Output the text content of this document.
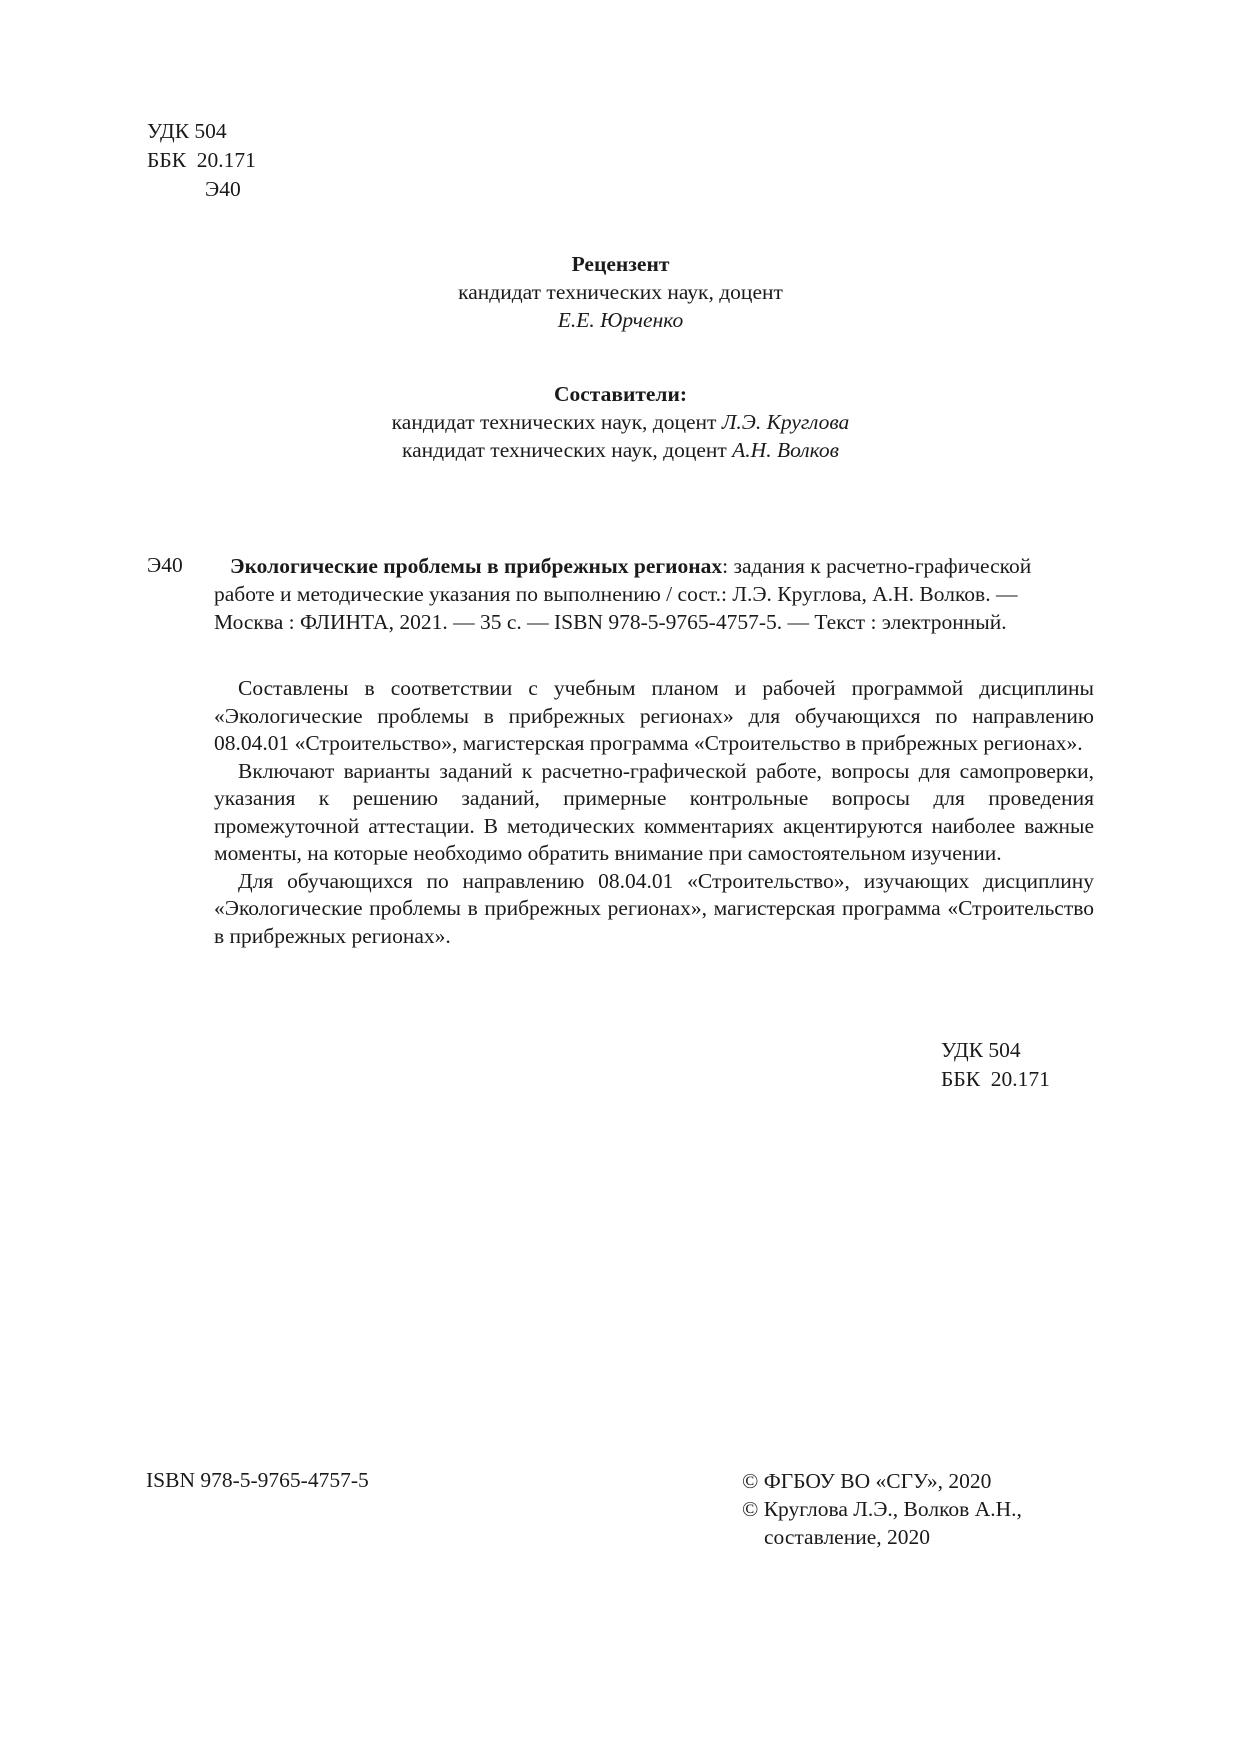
УДК 504
ББК  20.171
Э40
Рецензент
кандидат технических наук, доцент
Е.Е. Юрченко
Составители:
кандидат технических наук, доцент Л.Э. Круглова
кандидат технических наук, доцент А.Н. Волков
Э40	Экологические проблемы в прибрежных регионах: задания к расчетно-графической
работе и методические указания по выполнению / сост.: Л.Э. Круглова, А.Н. Волков. —
Москва : ФЛИНТА, 2021. — 35 с. — ISBN 978-5-9765-4757-5. — Текст : электронный.

Составлены в соответствии с учебным планом и рабочей программой дисциплины «Экологические проблемы в прибрежных регионах» для обучающихся по направлению 08.04.01 «Строительство», магистерская программа «Строительство в прибрежных регионах».

Включают варианты заданий к расчетно-графической работе, вопросы для самопроверки, указания к решению заданий, примерные контрольные вопросы для проведения промежуточной аттестации. В методических комментариях акцентируются наиболее важные моменты, на которые необходимо обратить внимание при самостоятельном изучении.

Для обучающихся по направлению 08.04.01 «Строительство», изучающих дисциплину «Экологические проблемы в прибрежных регионах», магистерская программа «Строительство в прибрежных регионах».

УДК 504
ББК  20.171
ISBN 978-5-9765-4757-5	© ФГБОУ ВО «СГУ», 2020
© Круглова Л.Э., Волков А.Н.,
составление, 2020
